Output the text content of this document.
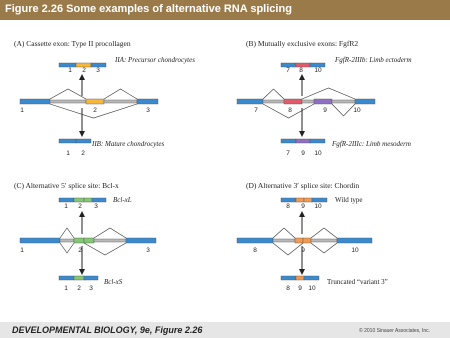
Figure 2.26 Some examples of alternative RNA splicing
(A) Cassette exon: Type II procollagen
1 2 3
IIA: Precursor chondrocytes
1	2	3
1 2
IIB: Mature chondrocytes
(B) Mutually exclusive exons: FgfR2
7 8 10
FgfR-2IIIb: Limb ectoderm
7	8	9	10
7 9 10
FgfR-2IIIc: Limb mesoderm
(C) Alternative 5′ splice site: Bcl-x
1 2 3
Bcl-xL
1	2	3
1 2 3
Bcl-xS
(D) Alternative 3′ splice site: Chordin
8 9 10
Wild type
8	9	10
8 9 10
Truncated “variant 3”
DEVELOPMENTAL BIOLOGY, 9e, Figure 2.26	© 2010 Sinauer Associates, Inc.
